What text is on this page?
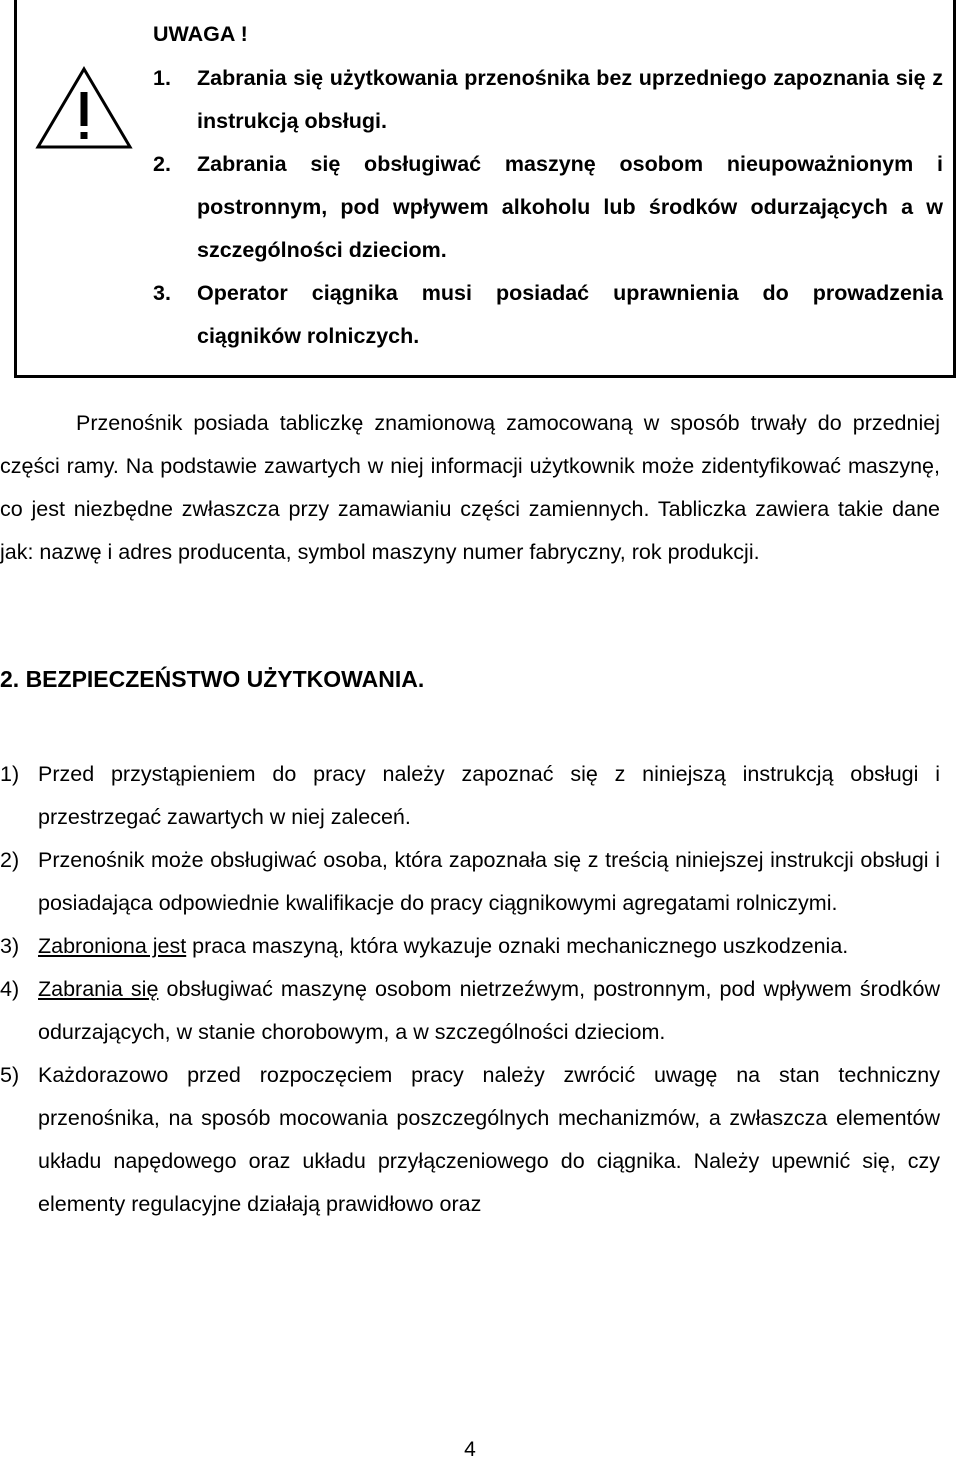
UWAGA !
1. Zabrania się użytkowania przenośnika bez uprzedniego zapoznania się z instrukcją obsługi.
2. Zabrania się obsługiwać maszynę osobom nieupoważnionym i postronnym, pod wpływem alkoholu lub środków odurzających a w szczególności dzieciom.
3. Operator ciągnika musi posiadać uprawnienia do prowadzenia ciągników rolniczych.
Przenośnik posiada tabliczkę znamionową zamocowaną w sposób trwały do przedniej części ramy. Na podstawie zawartych w niej informacji użytkownik może zidentyfikować maszynę, co jest niezbędne zwłaszcza przy zamawianiu części zamiennych. Tabliczka zawiera takie dane jak: nazwę i adres producenta, symbol maszyny numer fabryczny, rok produkcji.
2. BEZPIECZEŃSTWO UŻYTKOWANIA.
1) Przed przystąpieniem do pracy należy zapoznać się z niniejszą instrukcją obsługi i przestrzegać zawartych w niej zaleceń.
2) Przenośnik może obsługiwać osoba, która zapoznała się z treścią niniejszej instrukcji obsługi i posiadająca odpowiednie kwalifikacje do pracy ciągnikowymi agregatami rolniczymi.
3) Zabroniona jest praca maszyną, która wykazuje oznaki mechanicznego uszkodzenia.
4) Zabrania się obsługiwać maszynę osobom nietrzeźwym, postronnym, pod wpływem środków odurzających, w stanie chorobowym, a w szczególności dzieciom.
5) Każdorazowo przed rozpoczęciem pracy należy zwrócić uwagę na stan techniczny przenośnika, na sposób mocowania poszczególnych mechanizmów, a zwłaszcza elementów układu napędowego oraz układu przyłączeniowego do ciągnika. Należy upewnić się, czy elementy regulacyjne działają prawidłowo oraz
4
